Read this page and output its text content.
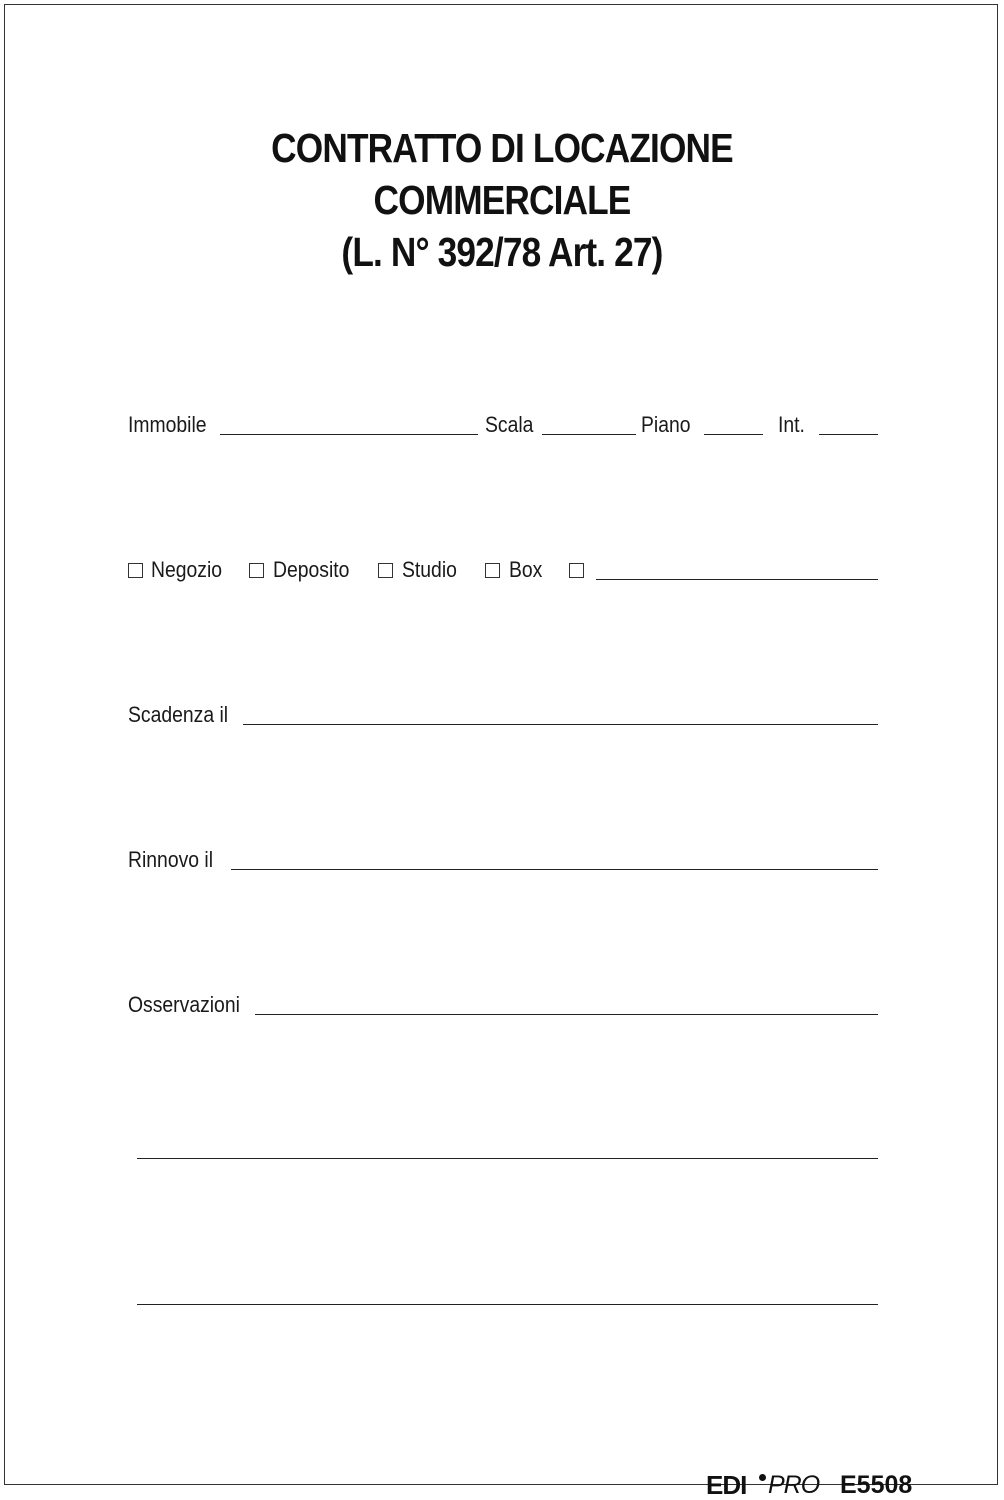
CONTRATTO DI LOCAZIONE
COMMERCIALE
(L. N° 392/78 Art. 27)
Immobile	Scala	Piano	Int.
Negozio Deposito Studio Box
Scadenza il
Rinnovo il
Osservazioni
EDI PRO E5508
